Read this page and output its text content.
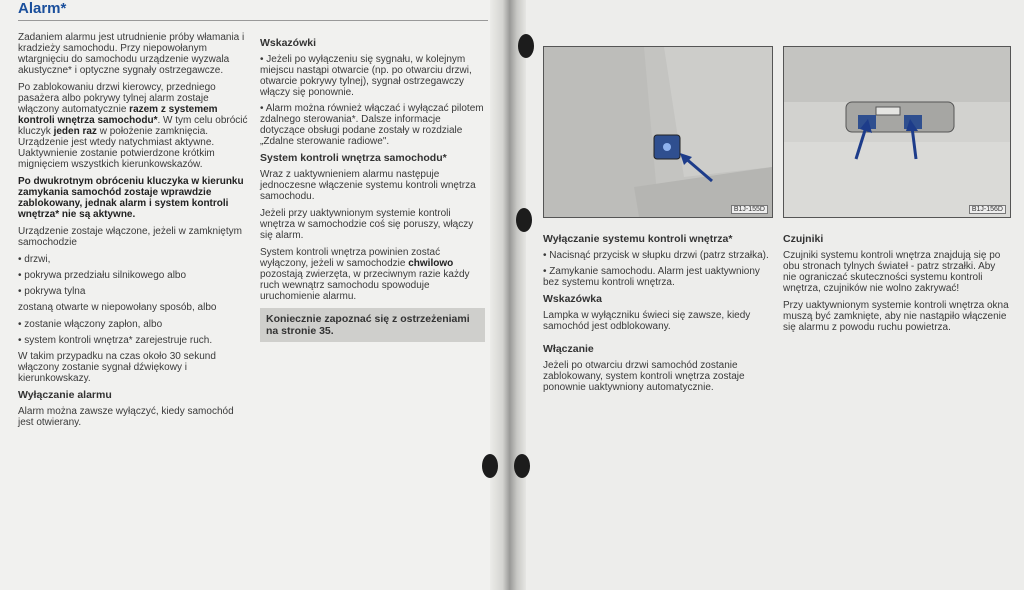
Alarm*

Zadaniem alarmu jest utrudnienie próby włamania i kradzieży samochodu. Przy niepowołanym wtargnięciu do samochodu urządzenie wyzwala akustyczne* i optyczne sygnały ostrzegawcze.

Po zablokowaniu drzwi kierowcy, przedniego pasażera albo pokrywy tylnej alarm zostaje włączony automatycznie razem z systemem kontroli wnętrza samochodu*. W tym celu obrócić kluczyk jeden raz w położenie zamknięcia. Urządzenie jest wtedy natychmiast aktywne. Uaktywnienie zostanie potwierdzone krótkim mignięciem wszystkich kierunkowskazów.

Po dwukrotnym obróceniu kluczyka w kierunku zamykania samochód zostaje wprawdzie zablokowany, jednak alarm i system kontroli wnętrza* nie są aktywne.

Urządzenie zostaje włączone, jeżeli w zamkniętym samochodzie

• drzwi,
• pokrywa przedziału silnikowego albo
• pokrywa tylna

zostaną otwarte w niepowołany sposób, albo

• zostanie włączony zapłon, albo
• system kontroli wnętrza* zarejestruje ruch.

W takim przypadku na czas około 30 sekund włączony zostanie sygnał dźwiękowy i kierunkowskazy.

Wyłączanie alarmu

Alarm można zawsze wyłączyć, kiedy samochód jest otwierany.

Wskazówki
• Jeżeli po wyłączeniu się sygnału, w kolejnym miejscu nastąpi otwarcie (np. po otwarciu drzwi, otwarcie pokrywy tylnej), sygnał ostrzegawczy włączy się ponownie.
• Alarm można również włączać i wyłączać pilotem zdalnego sterowania*. Dalsze informacje dotyczące obsługi podane zostały w rozdziale „Zdalne sterowanie radiowe".
System kontroli wnętrza samochodu*

Wraz z uaktywnieniem alarmu następuje jednoczesne włączenie systemu kontroli wnętrza samochodu.

Jeżeli przy uaktywnionym systemie kontroli wnętrza w samochodzie coś się poruszy, włączy się alarm.

System kontroli wnętrza powinien zostać wyłączony, jeżeli w samochodzie chwilowo pozostają zwierzęta, w przeciwnym razie każdy ruch wewnątrz samochodu spowoduje uruchomienie alarmu.

Koniecznie zapoznać się z ostrzeżeniami na stronie 35.
B1J-155D	B1J-156D
Wyłączanie systemu kontroli wnętrza*
• Nacisnąć przycisk w słupku drzwi (patrz strzałka).
• Zamykanie samochodu. Alarm jest uaktywniony bez systemu kontroli wnętrza.
Wskazówka

Lampka w wyłączniku świeci się zawsze, kiedy samochód jest odblokowany.

Włączanie

Jeżeli po otwarciu drzwi samochód zostanie zablokowany, system kontroli wnętrza zostaje ponownie uaktywniony automatycznie.

Czujniki

Czujniki systemu kontroli wnętrza znajdują się po obu stronach tylnych świateł - patrz strzałki. Aby nie ograniczać skuteczności systemu kontroli wnętrza, czujników nie wolno zakrywać!

Przy uaktywnionym systemie kontroli wnętrza okna muszą być zamknięte, aby nie nastąpiło włączenie się alarmu z powodu ruchu powietrza.
